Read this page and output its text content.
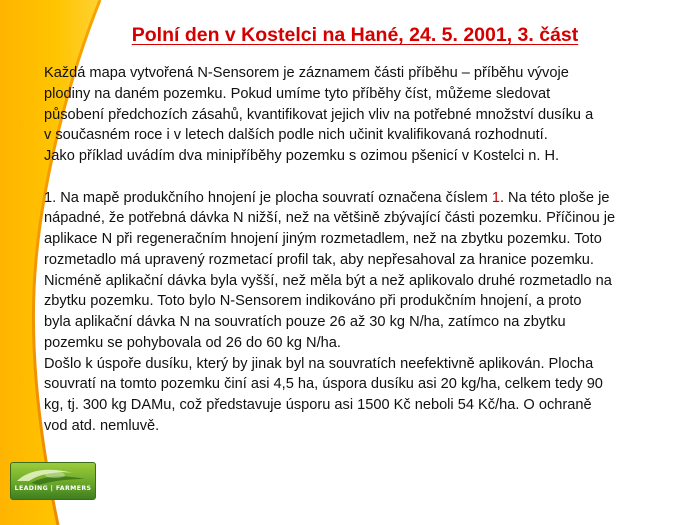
Polní den v Kostelci na Hané, 24. 5. 2001, 3. část
Každá mapa vytvořená N-Sensorem je záznamem části příběhu – příběhu vývoje
plodiny na daném pozemku. Pokud umíme tyto příběhy číst, můžeme sledovat
působení předchozích zásahů, kvantifikovat jejich vliv na potřebné množství dusíku a
v současném roce i v letech dalších podle nich učinit kvalifikovaná rozhodnutí.
Jako příklad uvádím dva minipříběhy pozemku s ozimou pšenicí v Kostelci n. H.
1. Na mapě produkčního hnojení je plocha souvratí označena číslem 1. Na této ploše je
nápadné, že potřebná dávka N nižší, než na většině zbývající části pozemku. Příčinou je
aplikace N při regeneračním hnojení jiným rozmetadlem, než na zbytku pozemku. Toto
rozmetadlo má upravený rozmetací profil tak, aby nepřesahoval za hranice pozemku.
Nicméně aplikační dávka byla vyšší, než měla být a než aplikovalo druhé rozmetadlo na
zbytku pozemku. Toto bylo N-Sensorem indikováno při produkčním hnojení, a proto
byla aplikační dávka N na souvratích pouze 26 až 30 kg N/ha, zatímco na zbytku
pozemku se pohybovala od 26 do 60 kg N/ha.
Došlo k úspoře dusíku, který by jinak byl na souvratích neefektivně aplikován. Plocha
souvratí na tomto pozemku činí asi 4,5 ha, úspora dusíku asi 20 kg/ha, celkem tedy 90
kg, tj. 300 kg DAMu, což představuje úsporu asi 1500 Kč neboli 54 Kč/ha. O ochraně
vod atd. nemluvě.
LEADING | FARMERS
